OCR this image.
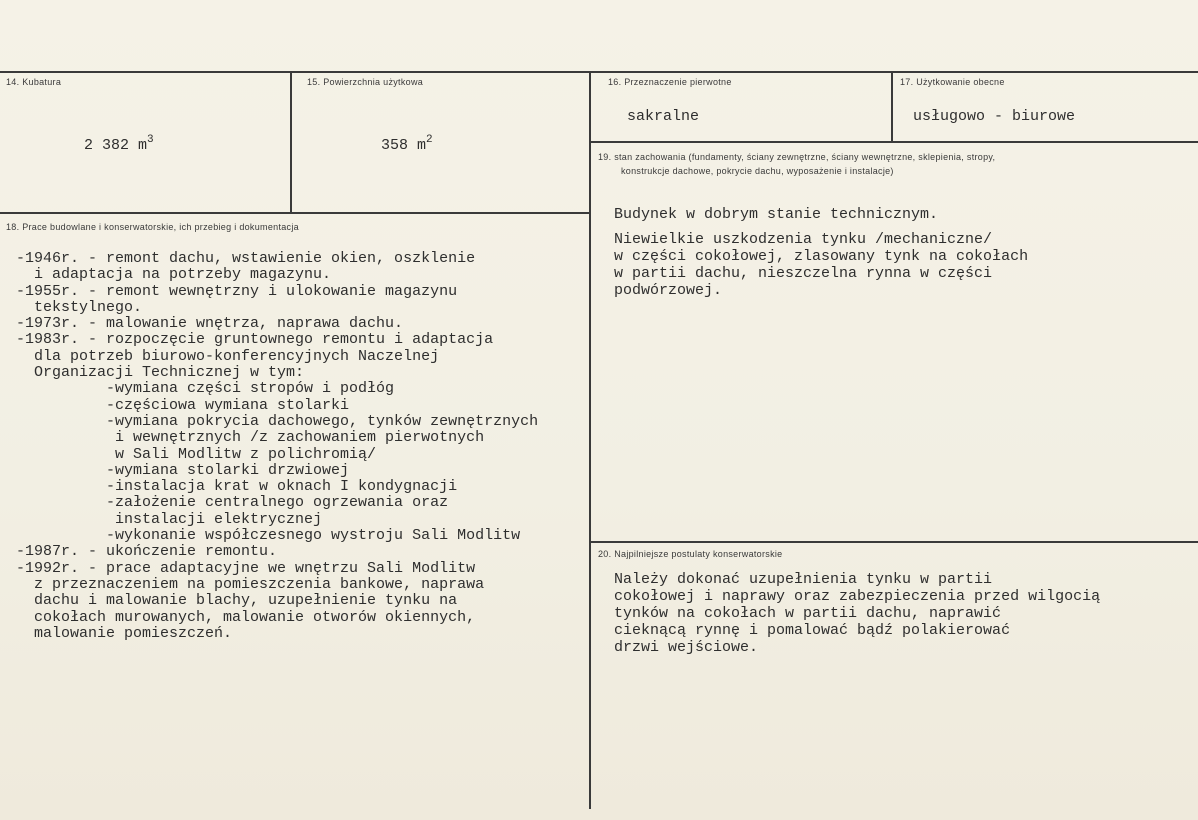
14. Kubatura
2 382 $m^3$
15. Powierzchnia użytkowa
358 $m^2$
16. Przeznaczenie pierwotne
sakralne
17. Użytkowanie obecne
usługowo - biurowe
18. Prace budowlane i konserwatorskie, ich przebieg i dokumentacja
-1946r. - remont dachu, wstawienie okien, oszklenie
i adaptacja na potrzeby magazynu.
-1955r. - remont wewnętrzny i ulokowanie magazynu
tekstylnego.
-1973r. - malowanie wnętrza, naprawa dachu.
-1983r. - rozpoczęcie gruntownego remontu i adaptacja
dla potrzeb biurowo-konferencyjnych Naczelnej
Organizacji Technicznej w tym:
-wymiana części stropów i podłóg
-częściowa wymiana stolarki
-wymiana pokrycia dachowego, tynków zewnętrznych
i wewnętrznych /z zachowaniem pierwotnych
w Sali Modlitw z polichromią/
-wymiana stolarki drzwiowej
-instalacja krat w oknach I kondygnacji
-założenie centralnego ogrzewania oraz
instalacji elektrycznej
-wykonanie współczesnego wystroju Sali Modlitw
-1987r. - ukończenie remontu.
-1992r. - prace adaptacyjne we wnętrzu Sali Modlitw
z przeznaczeniem na pomieszczenia bankowe, naprawa
dachu i malowanie blachy, uzupełnienie tynku na
cokołach murowanych, malowanie otworów okiennych,
malowanie pomieszczeń.
19. stan zachowania (fundamenty, ściany zewnętrzne, ściany wewnętrzne, sklepienia, stropy,
konstrukcje dachowe, pokrycie dachu, wyposażenie i instalacje)
Budynek w dobrym stanie technicznym.
Niewielkie uszkodzenia tynku /mechaniczne/
w części cokołowej, zlasowany tynk na cokołach
w partii dachu, nieszczelna rynna w części
podwórzowej.
20. Najpilniejsze postulaty konserwatorskie
Należy dokonać uzupełnienia tynku w partii
cokołowej i naprawy oraz zabezpieczenia przed wilgocią
tynków na cokołach w partii dachu, naprawić
cieknącą rynnę i pomalować bądź polakierować
drzwi wejściowe.
